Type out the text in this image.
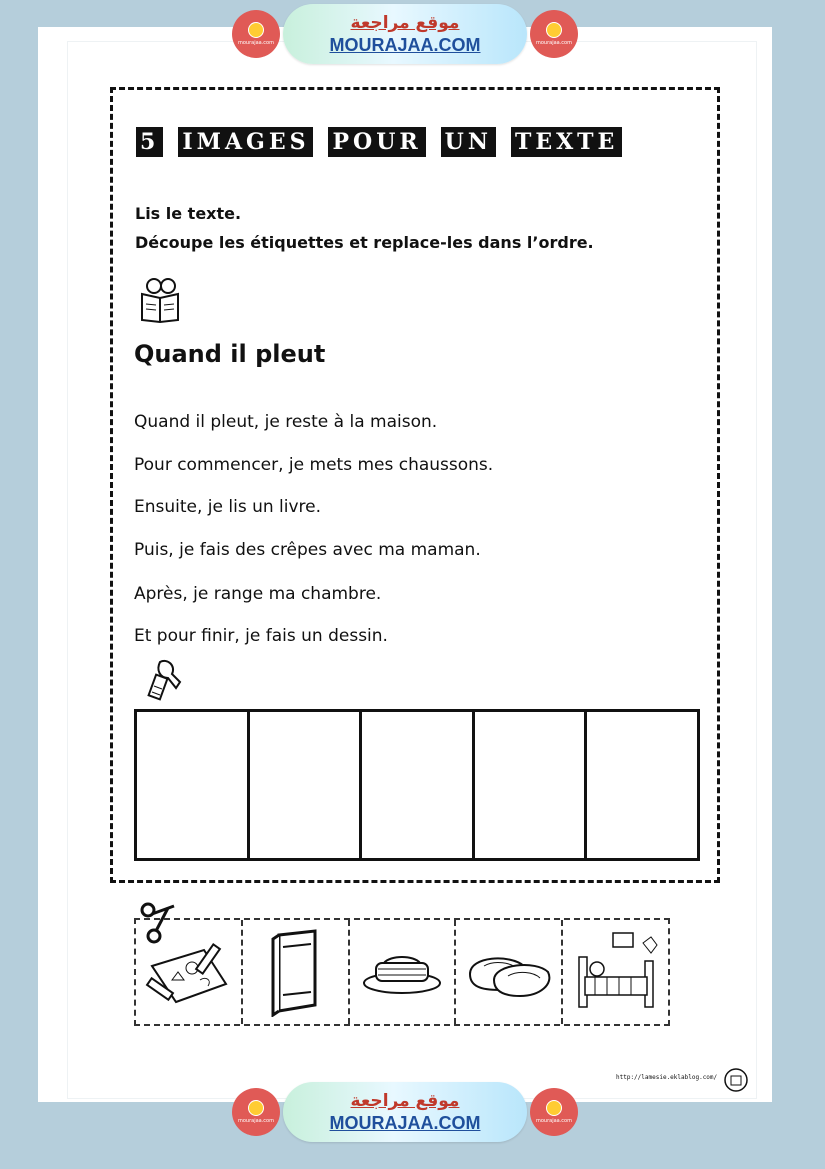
mourajaa.com
موقع مراجعة
MOURAJAA.COM	mourajaa.com
5 IMAGES POUR UN TEXTE
Lis le texte.
Découpe les étiquettes et replace-les dans l’ordre.
Quand il pleut
Quand il pleut, je reste à la maison.
Pour commencer, je mets mes chaussons.
Ensuite, je lis un livre.
Puis, je fais des crêpes avec ma maman.
Après, je range ma chambre.
Et pour finir, je fais un dessin.
http://lamesie.eklablog.com/
mourajaa.com
موقع مراجعة
MOURAJAA.COM	mourajaa.com
